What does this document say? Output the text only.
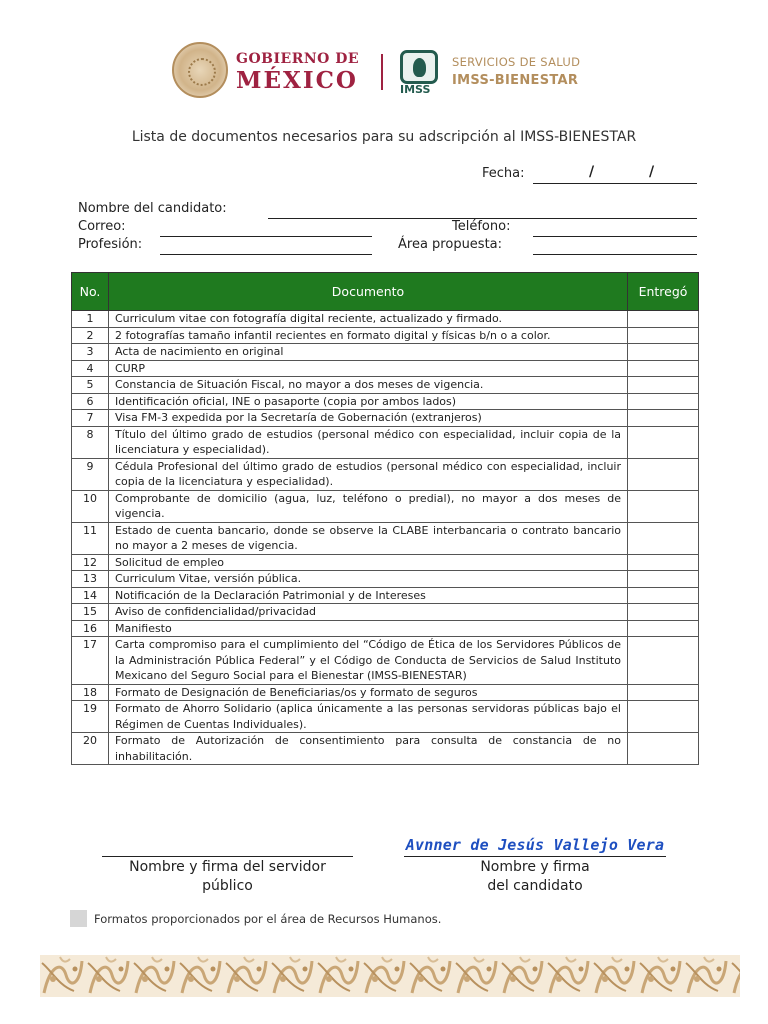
GOBIERNO DE
MÉXICO	IMSS
SERVICIOS DE SALUD
IMSS-BIENESTAR
Lista de documentos necesarios para su adscripción al IMSS-BIENESTAR
Fecha:	/	/
Nombre del candidato:
Correo:	Teléfono:
Profesión:	Área propuesta:
No.	Documento	Entregó
1	Curriculum vitae con fotografía digital reciente, actualizado y firmado.	
2	2 fotografías tamaño infantil recientes en formato digital y físicas b/n o a color.	
3	Acta de nacimiento en original	
4	CURP	
5	Constancia de Situación Fiscal, no mayor a dos meses de vigencia.	
6	Identificación oficial, INE o pasaporte (copia por ambos lados)	
7	Visa FM-3 expedida por la Secretaría de Gobernación (extranjeros)	
8	Título del último grado de estudios (personal médico con especialidad, incluir copia de la licenciatura y especialidad).	
9	Cédula Profesional del último grado de estudios (personal médico con especialidad, incluir copia de la licenciatura y especialidad).	
10	Comprobante de domicilio (agua, luz, teléfono o predial), no mayor a dos meses de vigencia.	
11	Estado de cuenta bancario, donde se observe la CLABE interbancaria o contrato bancario no mayor a 2 meses de vigencia.	
12	Solicitud de empleo	
13	Curriculum Vitae, versión pública.	
14	Notificación de la Declaración Patrimonial y de Intereses	
15	Aviso de confidencialidad/privacidad	
16	Manifiesto	
17	Carta compromiso para el cumplimiento del “Código de Ética de los Servidores Públicos de la Administración Pública Federal” y el Código de Conducta de Servicios de Salud Instituto Mexicano del Seguro Social para el Bienestar (IMSS-BIENESTAR)	
18	Formato de Designación de Beneficiarias/os y formato de seguros	
19	Formato de Ahorro Solidario (aplica únicamente a las personas servidoras públicas bajo el Régimen de Cuentas Individuales).	
20	Formato de Autorización de consentimiento para consulta de constancia de no inhabilitación.	
Avnner de Jesús Vallejo Vera
Nombre y firma del servidor
público
Nombre y firma
del candidato
Formatos proporcionados por el área de Recursos Humanos.
